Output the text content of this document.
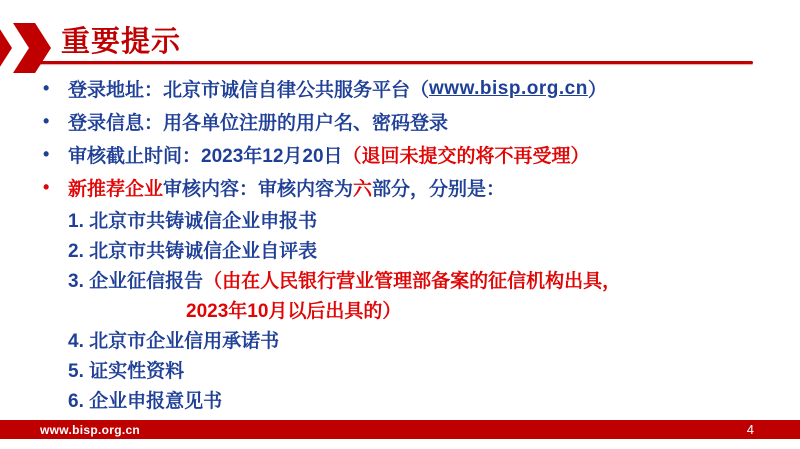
重要提示
• 登录地址：北京市诚信自律公共服务平台（ www.bisp.org.cn ）
• 登录信息：用各单位注册的用户名、密码登录
• 审核截止时间：2023年12月20日 （退回未提交的将不再受理）
• 新推荐企业 审核内容：审核内容为 六 部分，分别是：
1. 北京市共铸诚信企业申报书
2. 北京市共铸诚信企业自评表
3. 企业征信报告 （由在人民银行营业管理部备案的征信机构出具，
2023年10月以后出具的）
4. 北京市企业信用承诺书
5. 证实性资料
6. 企业申报意见书
www.bisp.org.cn	4
